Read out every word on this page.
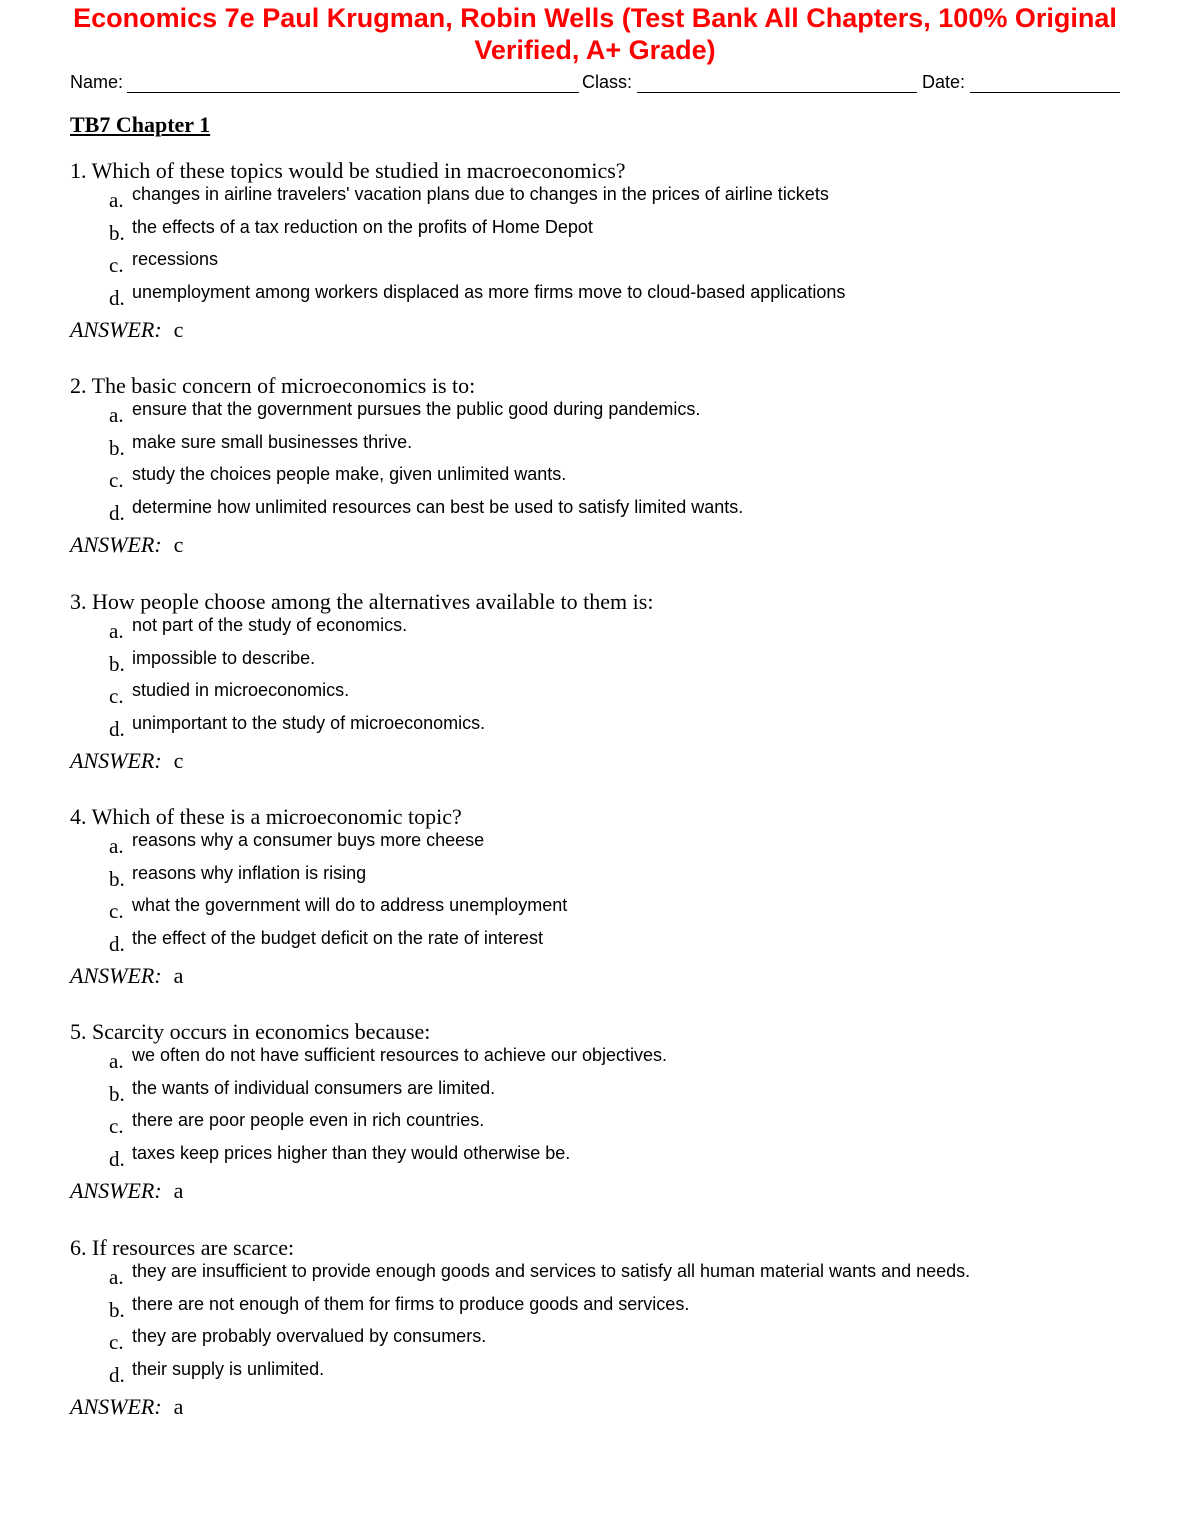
Economics 7e Paul Krugman, Robin Wells (Test Bank All Chapters, 100% Original
Verified, A+ Grade)
Name:	Class:	Date:
TB7 Chapter 1
1. Which of these topics would be studied in macroeconomics?
a. changes in airline travelers' vacation plans due to changes in the prices of airline tickets
b. the effects of a tax reduction on the profits of Home Depot
c. recessions
d. unemployment among workers displaced as more firms move to cloud-based applications
ANSWER: c
2. The basic concern of microeconomics is to:
a. ensure that the government pursues the public good during pandemics.
b. make sure small businesses thrive.
c. study the choices people make, given unlimited wants.
d. determine how unlimited resources can best be used to satisfy limited wants.
ANSWER: c
3. How people choose among the alternatives available to them is:
a. not part of the study of economics.
b. impossible to describe.
c. studied in microeconomics.
d. unimportant to the study of microeconomics.
ANSWER: c
4. Which of these is a microeconomic topic?
a. reasons why a consumer buys more cheese
b. reasons why inflation is rising
c. what the government will do to address unemployment
d. the effect of the budget deficit on the rate of interest
ANSWER: a
5. Scarcity occurs in economics because:
a. we often do not have sufficient resources to achieve our objectives.
b. the wants of individual consumers are limited.
c. there are poor people even in rich countries.
d. taxes keep prices higher than they would otherwise be.
ANSWER: a
6. If resources are scarce:
a. they are insufficient to provide enough goods and services to satisfy all human material wants and needs.
b. there are not enough of them for firms to produce goods and services.
c. they are probably overvalued by consumers.
d. their supply is unlimited.
ANSWER: a
